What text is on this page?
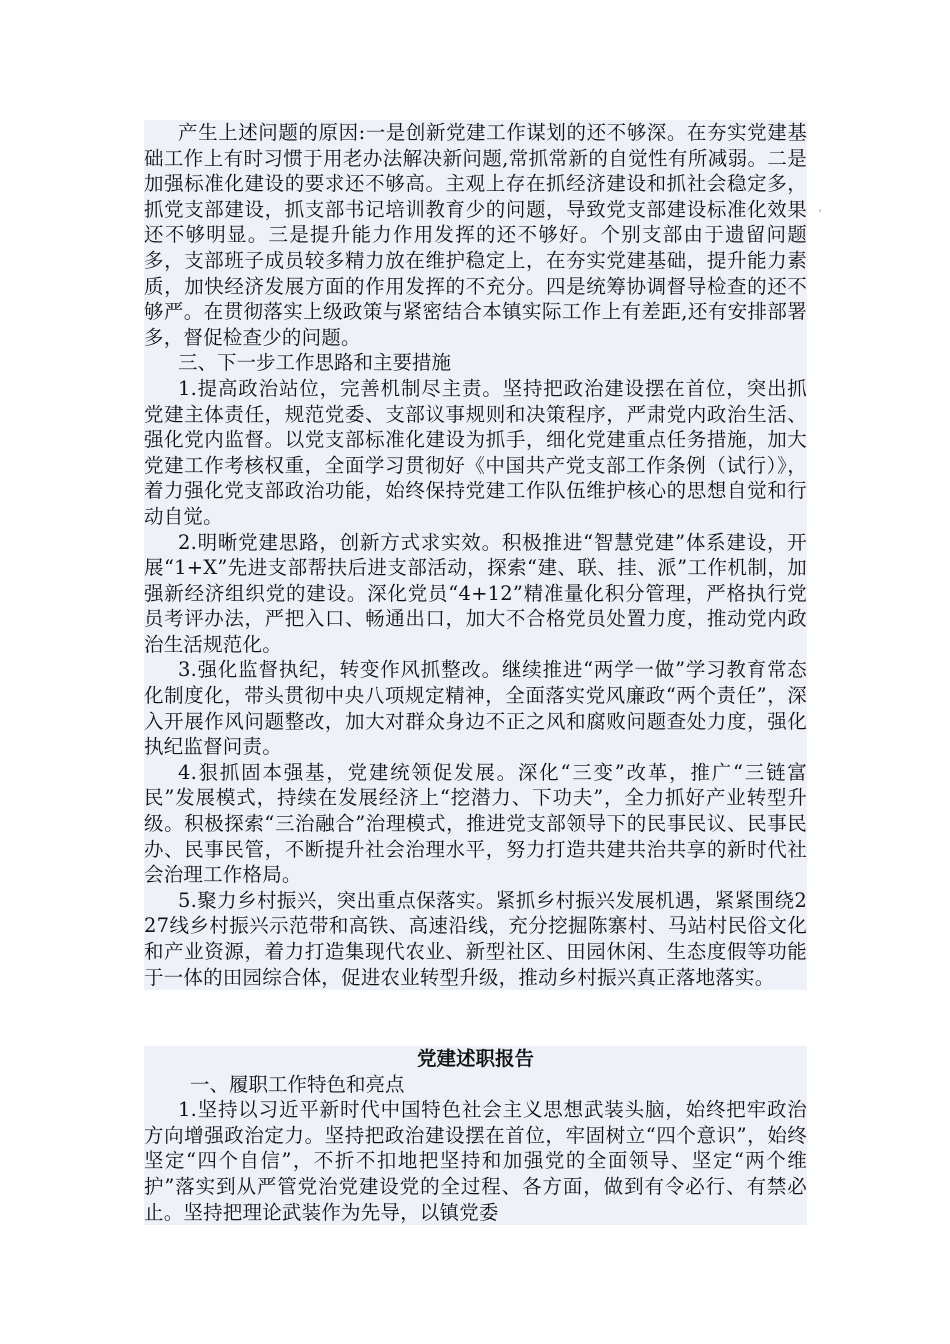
产生上述问题的原因:一是创新党建工作谋划的还不够深。在夯实党建基础工作上有时习惯于用老办法解决新问题,常抓常新的自觉性有所减弱。二是加强标准化建设的要求还不够高。主观上存在抓经济建设和抓社会稳定多，抓党支部建设，抓支部书记培训教育少的问题，导致党支部建设标准化效果还不够明显。三是提升能力作用发挥的还不够好。个别支部由于遗留问题多，支部班子成员较多精力放在维护稳定上，在夯实党建基础，提升能力素质，加快经济发展方面的作用发挥的不充分。四是统筹协调督导检查的还不够严。在贯彻落实上级政策与紧密结合本镇实际工作上有差距,还有安排部署多，督促检查少的问题。

三、下一步工作思路和主要措施

1.提高政治站位，完善机制尽主责。坚持把政治建设摆在首位，突出抓党建主体责任，规范党委、支部议事规则和决策程序，严肃党内政治生活、强化党内监督。以党支部标准化建设为抓手，细化党建重点任务措施，加大党建工作考核权重，全面学习贯彻好《中国共产党支部工作条例（试行）》，着力强化党支部政治功能，始终保持党建工作队伍维护核心的思想自觉和行动自觉。

2.明晰党建思路，创新方式求实效。积极推进“智慧党建”体系建设，开展“1+X”先进支部帮扶后进支部活动，探索“建、联、挂、派”工作机制，加强新经济组织党的建设。深化党员“4+12”精准量化积分管理，严格执行党员考评办法，严把入口、畅通出口，加大不合格党员处置力度，推动党内政治生活规范化。

3.强化监督执纪，转变作风抓整改。继续推进“两学一做”学习教育常态化制度化，带头贯彻中央八项规定精神，全面落实党风廉政“两个责任”，深入开展作风问题整改，加大对群众身边不正之风和腐败问题查处力度，强化执纪监督问责。

4.狠抓固本强基，党建统领促发展。深化“三变”改革，推广“三链富民”发展模式，持续在发展经济上“挖潜力、下功夫”，全力抓好产业转型升级。积极探索“三治融合”治理模式，推进党支部领导下的民事民议、民事民办、民事民管，不断提升社会治理水平，努力打造共建共治共享的新时代社会治理工作格局。

5.聚力乡村振兴，突出重点保落实。紧抓乡村振兴发展机遇，紧紧围绕227线乡村振兴示范带和高铁、高速沿线，充分挖掘陈寨村、马站村民俗文化和产业资源，着力打造集现代农业、新型社区、田园休闲、生态度假等功能于一体的田园综合体，促进农业转型升级，推动乡村振兴真正落地落实。

,

党建述职报告

一、履职工作特色和亮点

1.坚持以习近平新时代中国特色社会主义思想武装头脑，始终把牢政治方向增强政治定力。坚持把政治建设摆在首位，牢固树立“四个意识”，始终坚定“四个自信”，不折不扣地把坚持和加强党的全面领导、坚定“两个维护”落实到从严管党治党建设党的全过程、各方面，做到有令必行、有禁必止。坚持把理论武装作为先导，以镇党委
